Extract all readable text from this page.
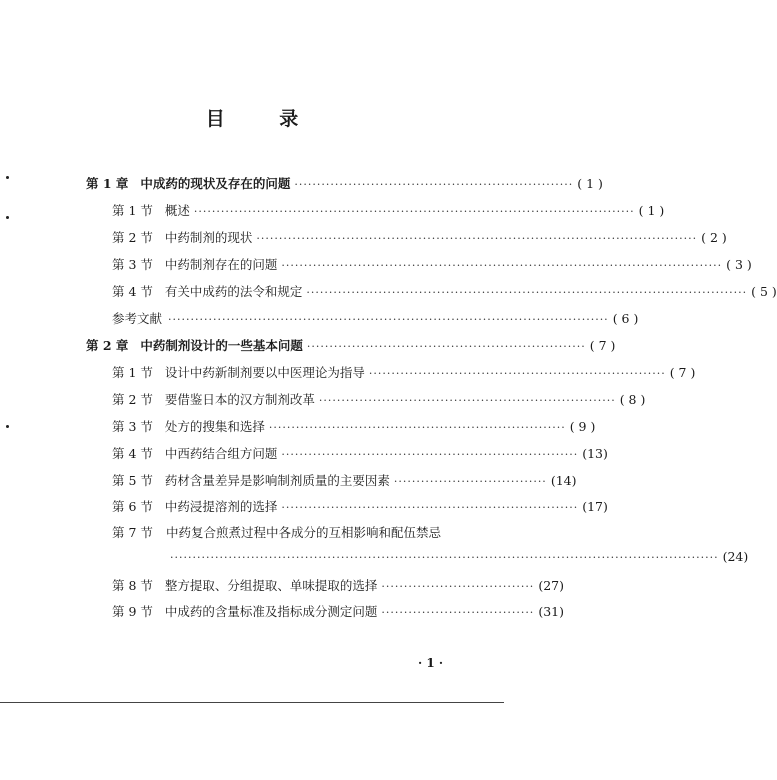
目 录
第 1 章 中成药的现状及存在的问题 ······························································ ( 1 )
第 1 节 概述 ·································································································· ( 1 )
第 2 节 中药制剂的现状 ·································································································· ( 2 )
第 3 节 中药制剂存在的问题 ·································································································· ( 3 )
第 4 节 有关中成药的法令和规定 ·································································································· ( 5 )
参考文献 ·································································································· ( 6 )
第 2 章 中药制剂设计的一些基本问题 ······························································ ( 7 )
第 1 节 设计中药新制剂要以中医理论为指导 ·································································· ( 7 )
第 2 节 要借鉴日本的汉方制剂改革 ·································································· ( 8 )
第 3 节 处方的搜集和选择 ·································································· ( 9 )
第 4 节 中西药结合组方问题 ·································································· (13)
第 5 节 药材含量差异是影响制剂质量的主要因素 ·································· (14)
第 6 节 中药浸提溶剂的选择 ·································································· (17)
第 7 节 中药复合煎煮过程中各成分的互相影响和配伍禁忌
·························································································································· (24)
第 8 节 整方提取、分组提取、单味提取的选择 ·································· (27)
第 9 节 中成药的含量标准及指标成分测定问题 ·································· (31)
· 1 ·
